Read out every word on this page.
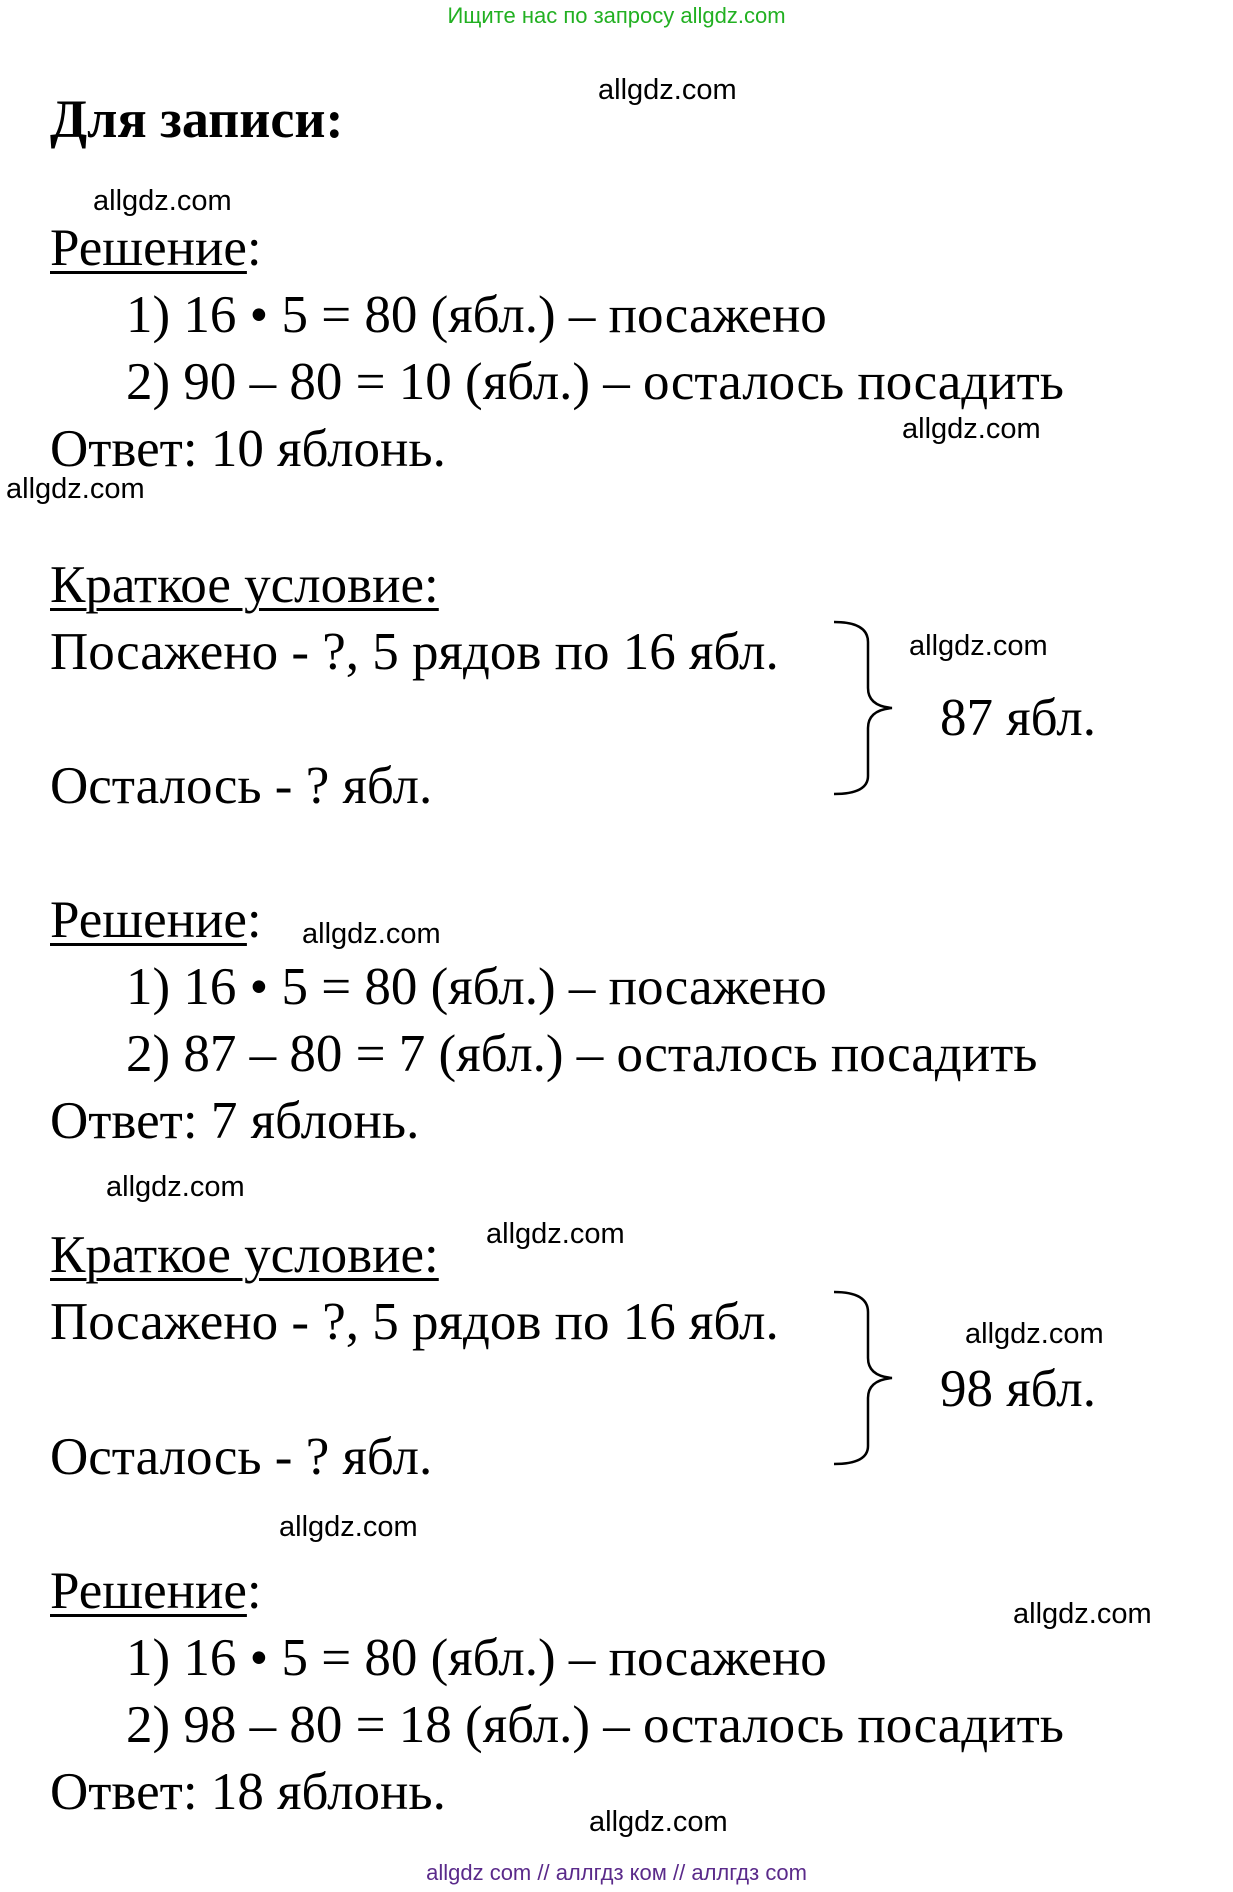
Ищите нас по запросу allgdz.com
Для записи:	allgdz.com
allgdz.com
allgdz.com
allgdz.com
allgdz.com
allgdz.com
allgdz.com
allgdz.com
allgdz.com
allgdz.com
allgdz.com
allgdz.com
Решение:
1) 16 • 5 = 80 (ябл.) – посажено
2) 90 – 80 = 10 (ябл.) – осталось посадить
Ответ: 10 яблонь.
Краткое условие:
Посажено - ?, 5 рядов по 16 ябл.
Осталось - ? ябл.
87 ябл.
Решение:
1) 16 • 5 = 80 (ябл.) – посажено
2) 87 – 80 = 7 (ябл.) – осталось посадить
Ответ: 7 яблонь.
Краткое условие:
Посажено - ?, 5 рядов по 16 ябл.
Осталось - ? ябл.
98 ябл.
Решение:
1) 16 • 5 = 80 (ябл.) – посажено
2) 98 – 80 = 18 (ябл.) – осталось посадить
Ответ: 18 яблонь.
allgdz com // аллгдз ком // аллгдз com
